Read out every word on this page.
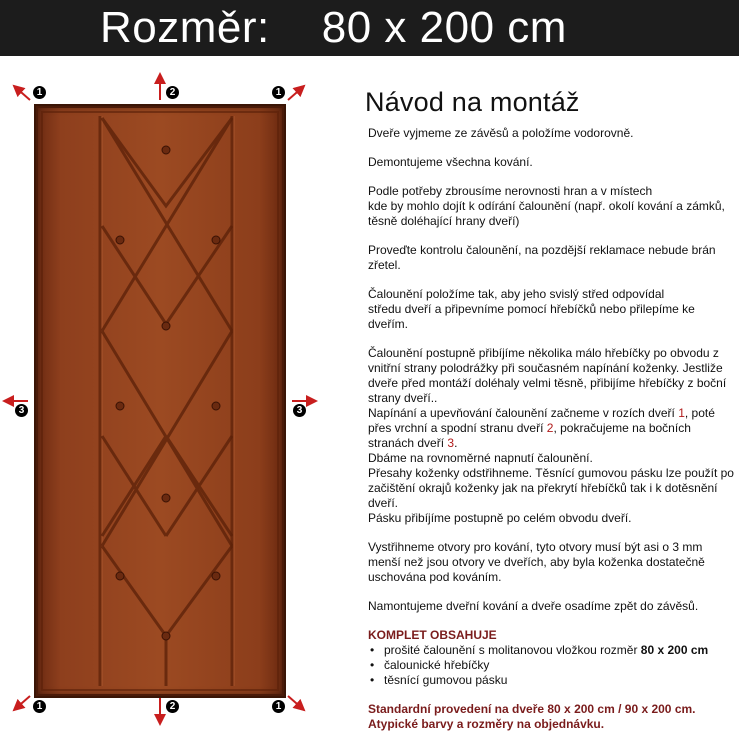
Rozměr: 80 x 200 cm
1	2	1
3	3
1	2	1
Návod na montáž
Dveře vyjmeme ze závěsů a položíme vodorovně.
Demontujeme všechna kování.
Podle potřeby zbrousíme nerovnosti hran a v místech
kde by mohlo dojít k odírání čalounění (např. okolí kování a zámků, těsně doléhající hrany dveří)
Proveďte kontrolu čalounění, na pozdější reklamace nebude brán zřetel.
Čalounění položíme tak, aby jeho svislý střed odpovídal
středu dveří a připevníme pomocí hřebíčků nebo přilepíme ke dveřím.
Čalounění postupně přibíjíme několika málo hřebíčky po obvodu z vnitřní strany polodrážky při současném napínání koženky. Jestliže dveře před montáží doléhaly velmi těsně, přibijíme hřebíčky z boční strany dveří..
Napínání a upevňování čalounění začneme v rozích dveří 1, poté přes vrchní a spodní stranu dveří 2, pokračujeme na bočních stranách dveří 3.
Dbáme na rovnoměrné napnutí čalounění.
Přesahy koženky odstřihneme. Těsnící gumovou pásku lze použít po začištění okrajů koženky jak na překrytí hřebíčků tak i k dotěsnění dveří.
Pásku přibíjíme postupně po celém obvodu dveří.
Vystřihneme otvory pro kování, tyto otvory musí být asi o 3 mm menší než jsou otvory ve dveřích, aby byla koženka dostatečně uschována pod kováním.
Namontujeme dveřní kování a dveře osadíme zpět do závěsů.
KOMPLET OBSAHUJE
• prošité čalounění s molitanovou vložkou rozměr 80 x 200 cm
• čalounické hřebíčky
• těsnící gumovou pásku
Standardní provedení na dveře 80 x 200 cm / 90 x 200 cm.
Atypické barvy a rozměry na objednávku.
